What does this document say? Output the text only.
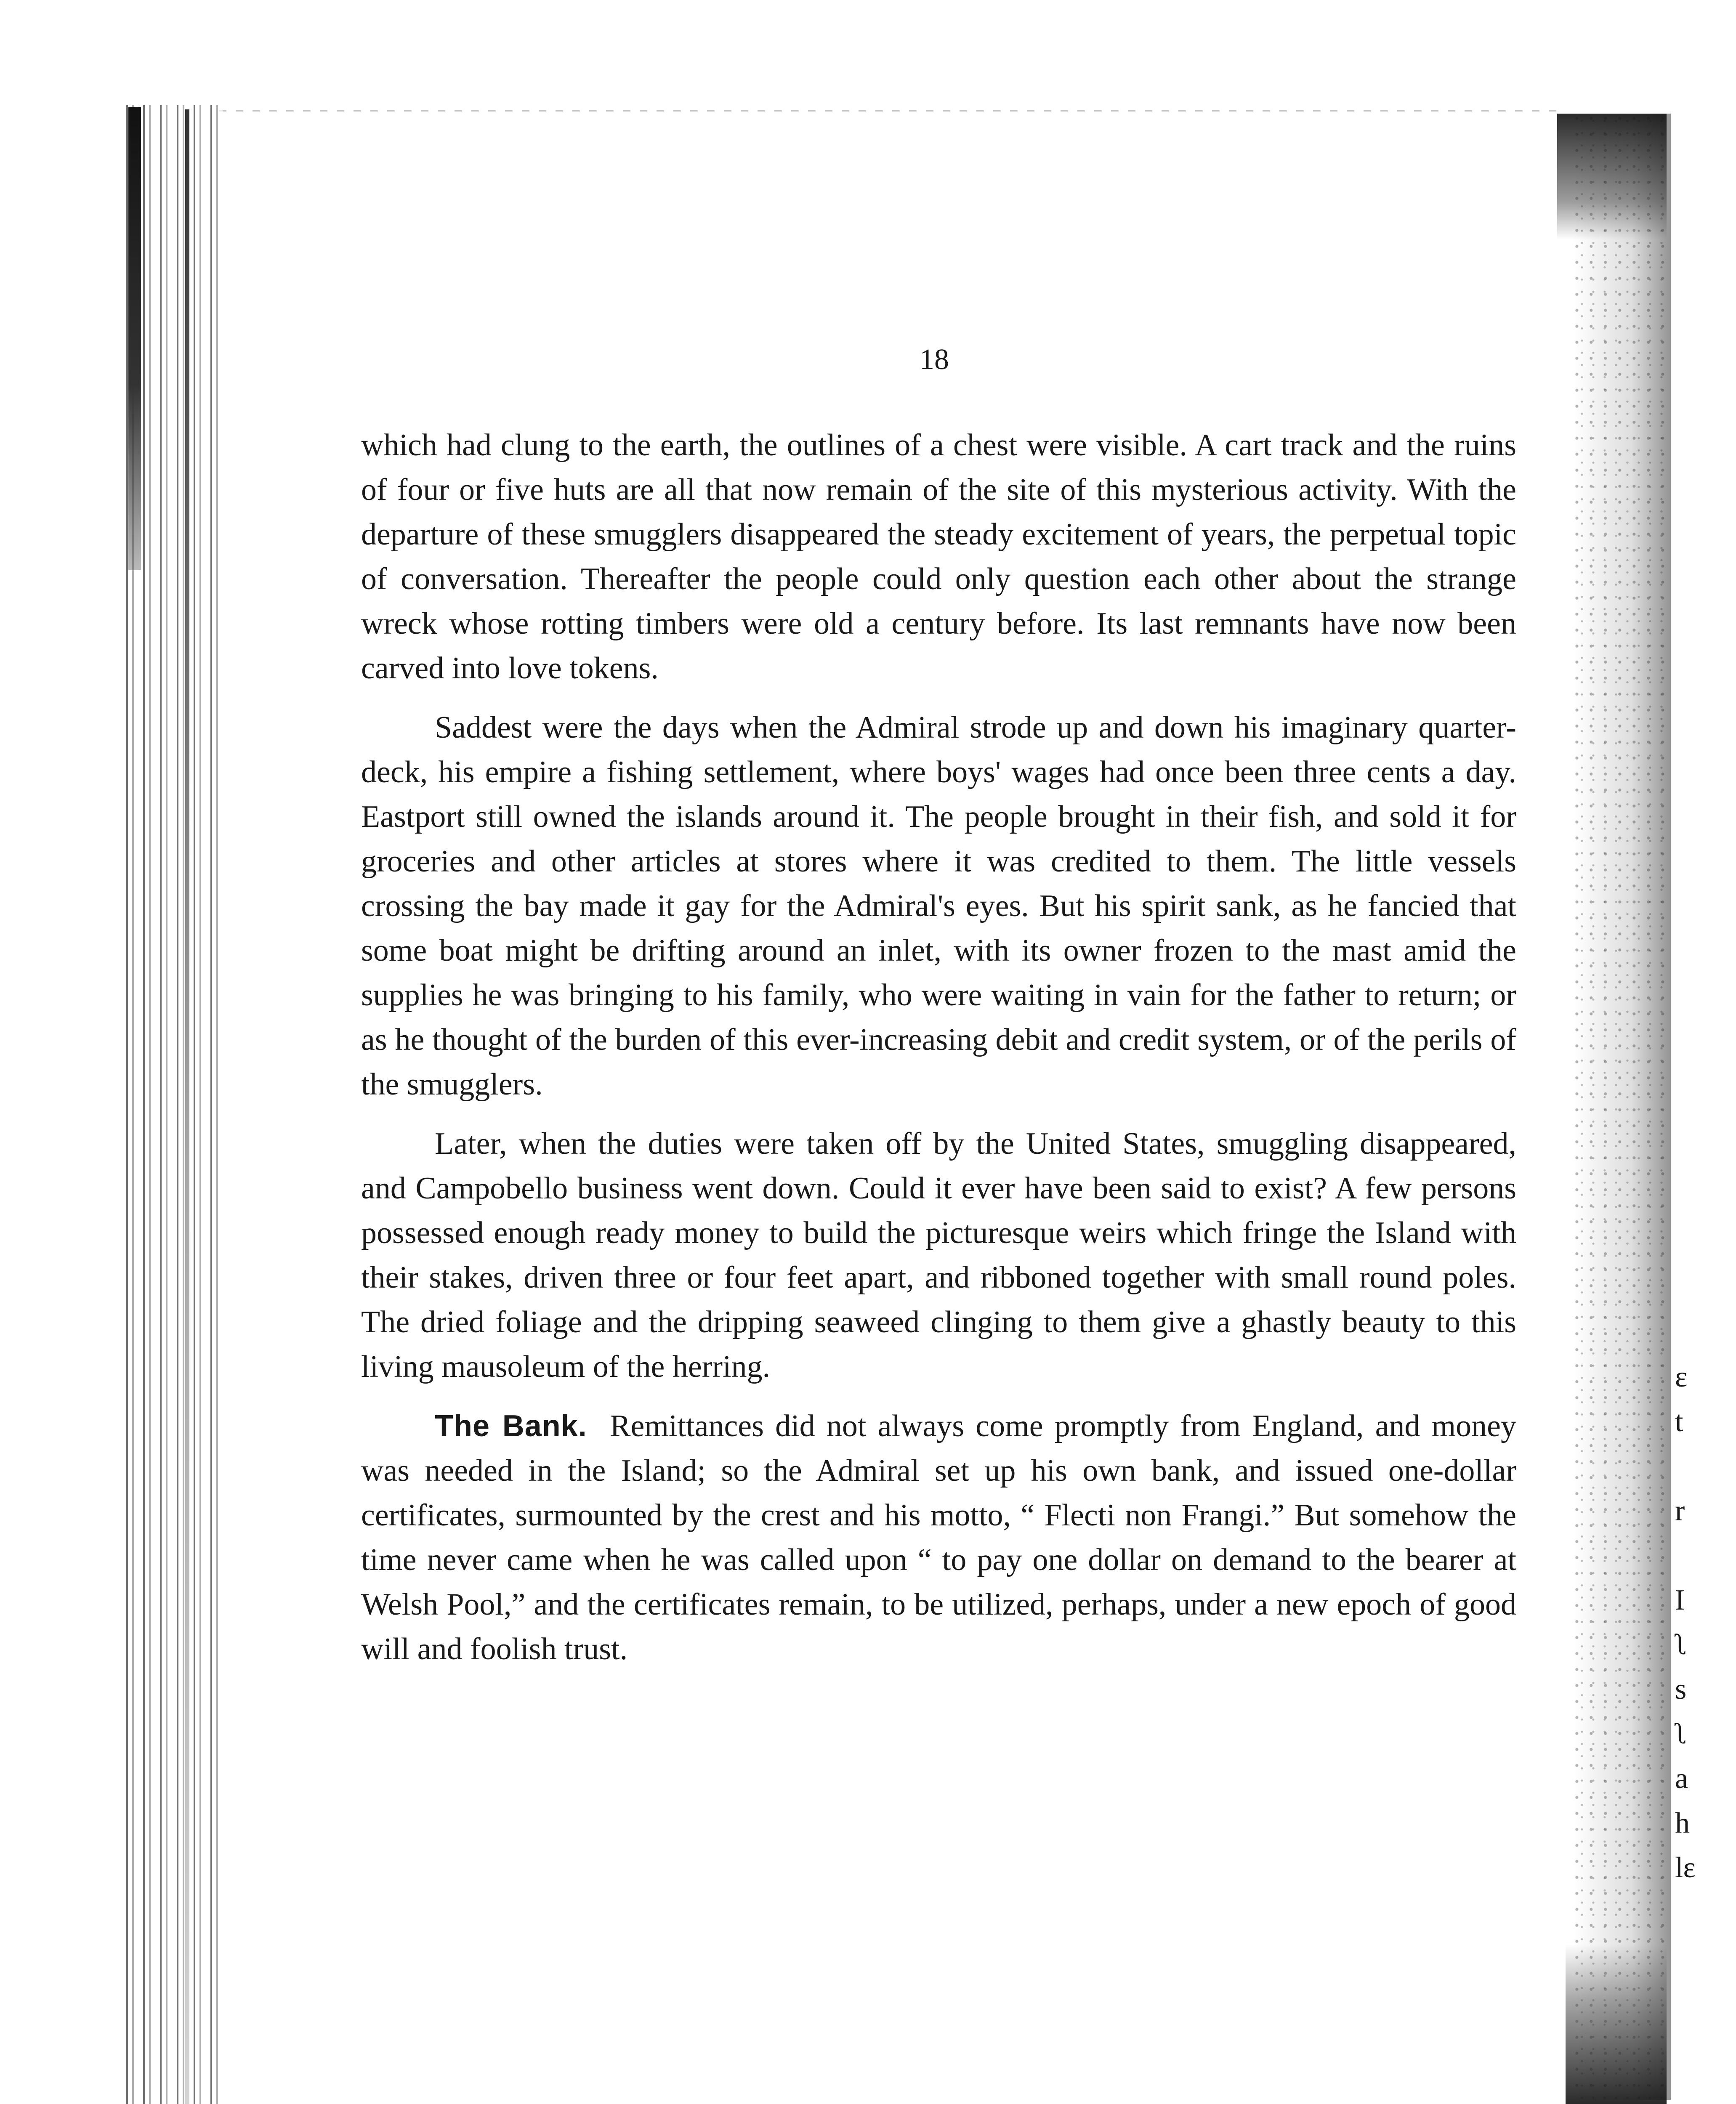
18

which had clung to the earth, the outlines of a chest were visible. A cart track and the ruins of four or five huts are all that now remain of the site of this mysterious activity. With the departure of these smugglers disappeared the steady excitement of years, the perpetual topic of conversation. Thereafter the people could only question each other about the strange wreck whose rotting timbers were old a century before. Its last remnants have now been carved into love tokens.

Saddest were the days when the Admiral strode up and down his imaginary quarter-deck, his empire a fishing settlement, where boys' wages had once been three cents a day. Eastport still owned the islands around it. The people brought in their fish, and sold it for groceries and other articles at stores where it was credited to them. The little vessels crossing the bay made it gay for the Admiral's eyes. But his spirit sank, as he fancied that some boat might be drifting around an inlet, with its owner frozen to the mast amid the supplies he was bringing to his family, who were waiting in vain for the father to return; or as he thought of the burden of this ever-increasing debit and credit system, or of the perils of the smugglers.

Later, when the duties were taken off by the United States, smuggling disappeared, and Campobello business went down. Could it ever have been said to exist? A few persons possessed enough ready money to build the picturesque weirs which fringe the Island with their stakes, driven three or four feet apart, and ribboned together with small round poles. The dried foliage and the dripping seaweed clinging to them give a ghastly beauty to this living mausoleum of the herring.

The Bank. Remittances did not always come promptly from England, and money was needed in the Island; so the Admiral set up his own bank, and issued one-dollar certificates, surmounted by the crest and his motto, “ Flecti non Frangi.” But somehow the time never came when he was called upon “ to pay one dollar on demand to the bearer at Welsh Pool,” and the certificates remain, to be utilized, perhaps, under a new epoch of good will and foolish trust.

ɛ
t
r
I
ʅ
s
ʅ
a
h
lɛ
